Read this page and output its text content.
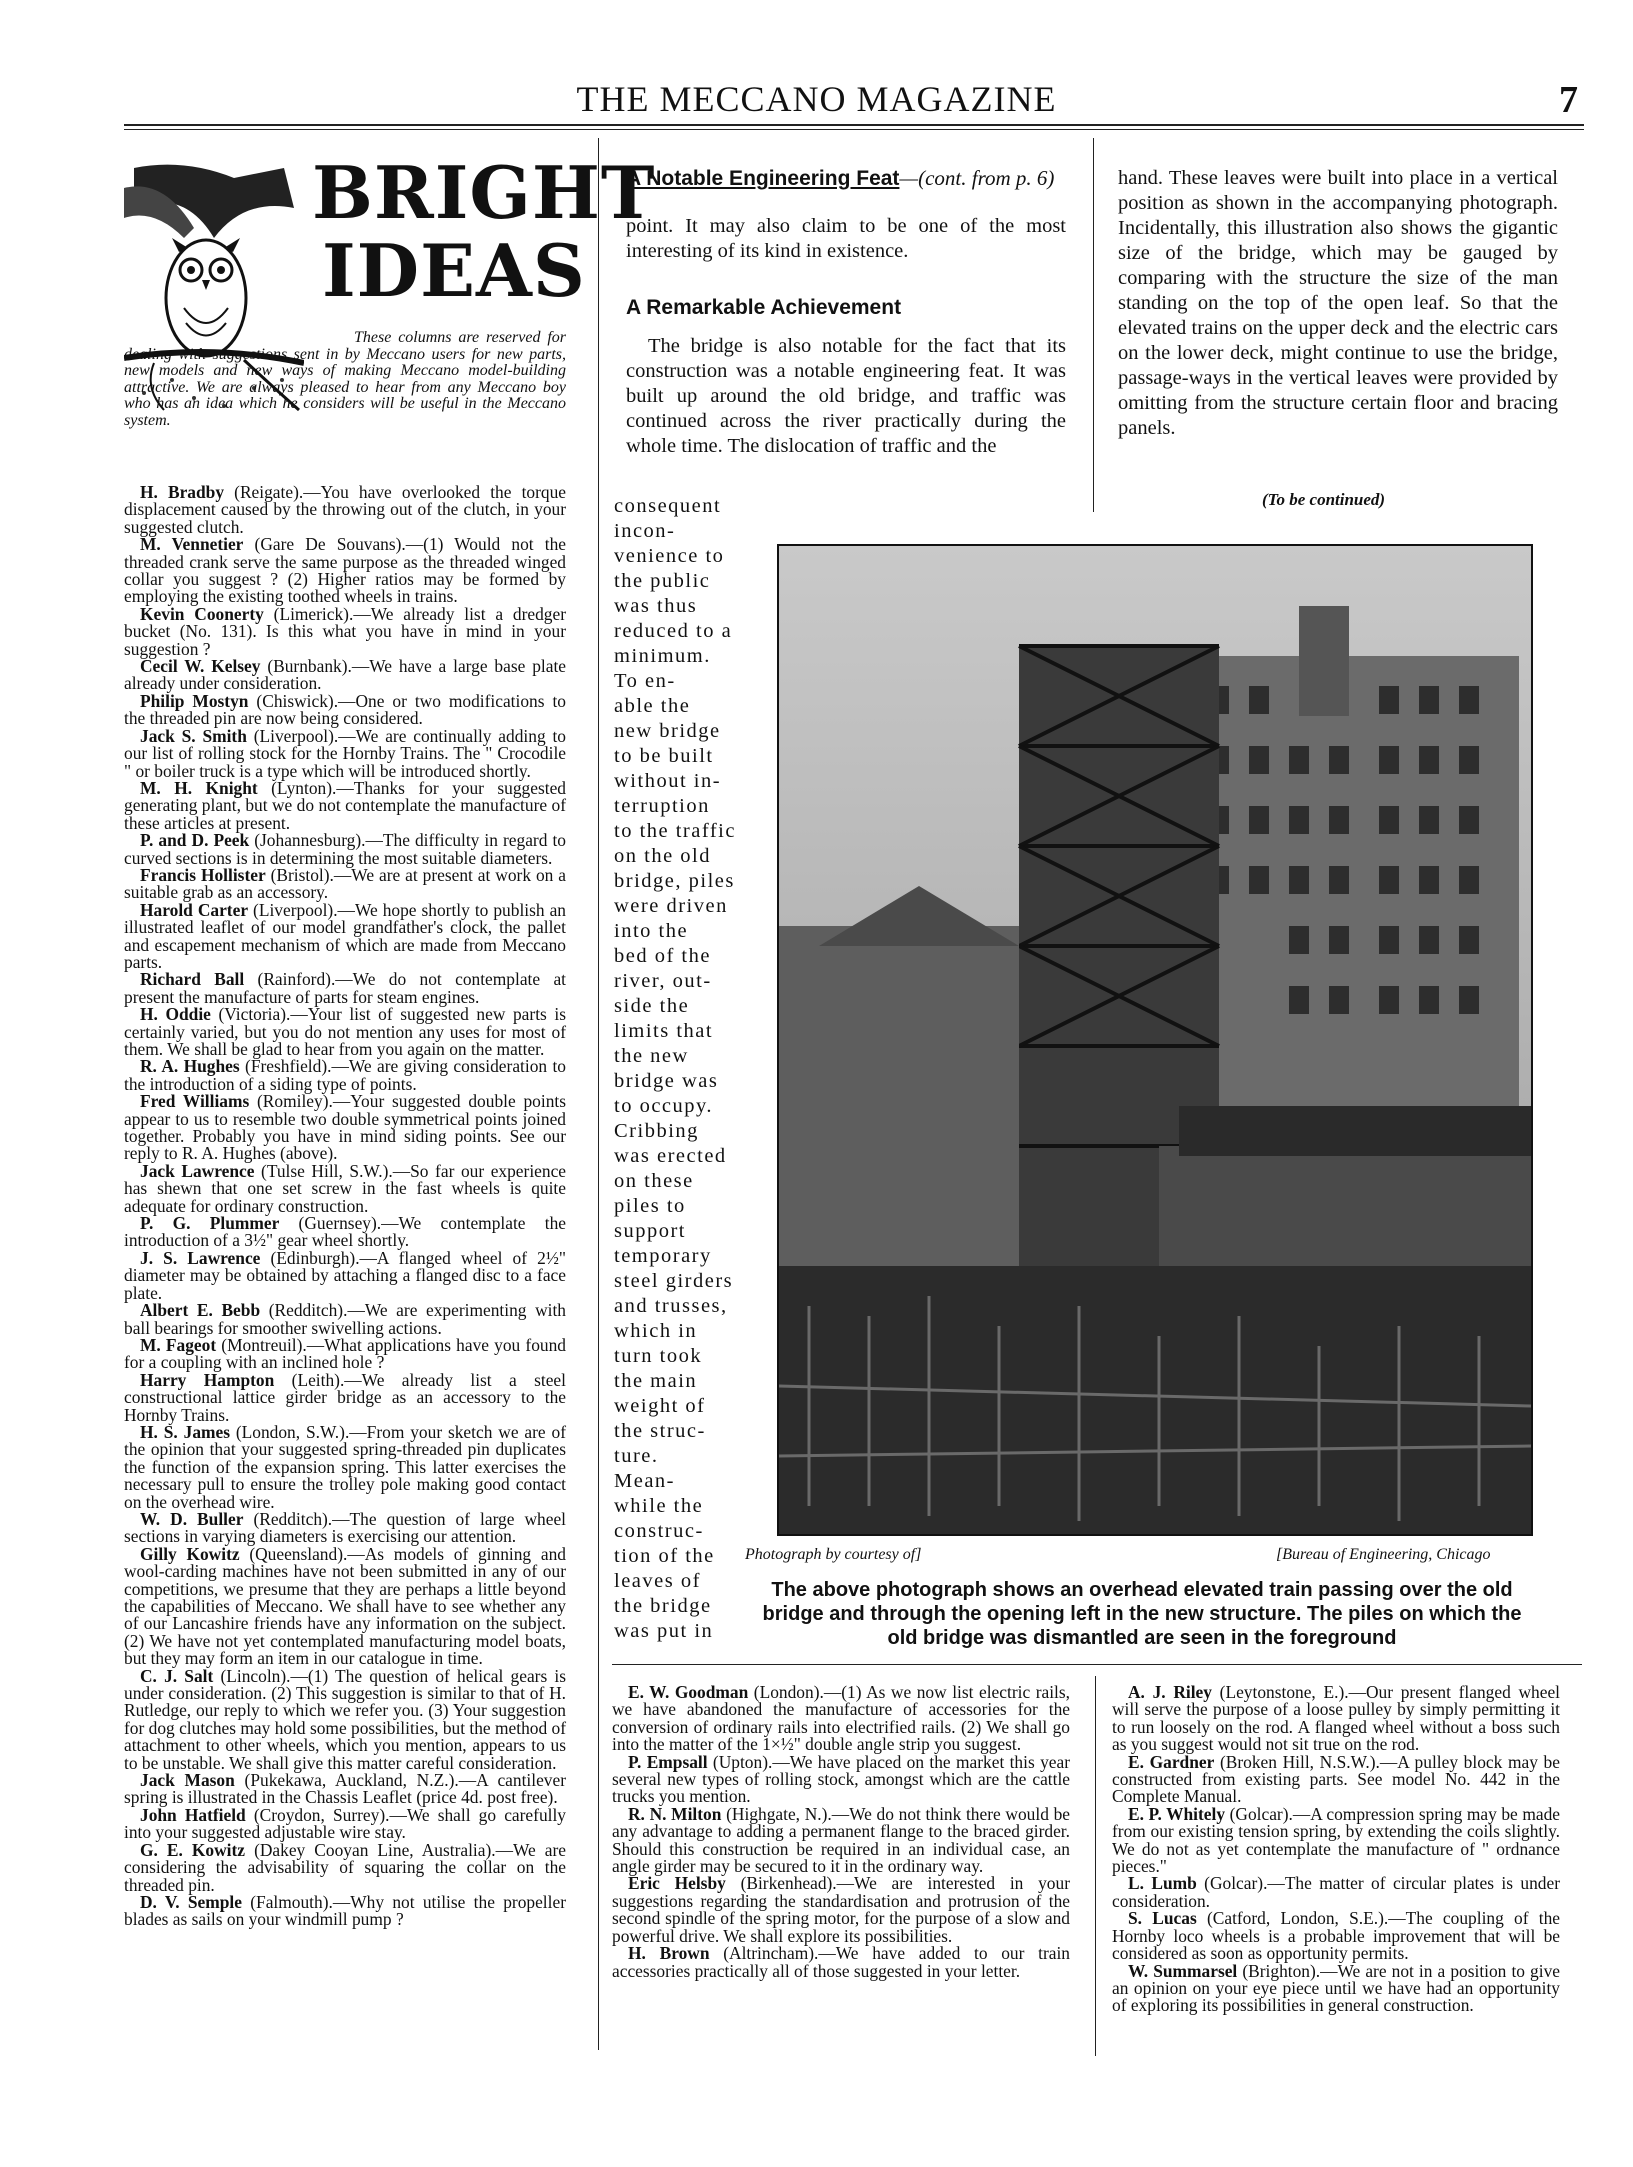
THE MECCANO MAGAZINE	7
BRIGHT
IDEAS
These columns are reserved for dealing with suggestions sent in by Meccano users for new parts, new models and new ways of making Meccano model-building attractive. We are always pleased to hear from any Meccano boy who has an idea which he considers will be useful in the Meccano system.

H. Bradby (Reigate).—You have overlooked the torque displacement caused by the throwing out of the clutch, in your suggested clutch.

M. Vennetier (Gare De Souvans).—(1) Would not the threaded crank serve the same purpose as the threaded winged collar you suggest ? (2) Higher ratios may be formed by employing the existing toothed wheels in trains.

Kevin Coonerty (Limerick).—We already list a dredger bucket (No. 131). Is this what you have in mind in your suggestion ?

Cecil W. Kelsey (Burnbank).—We have a large base plate already under consideration.

Philip Mostyn (Chiswick).—One or two modifications to the threaded pin are now being considered.

Jack S. Smith (Liverpool).—We are continually adding to our list of rolling stock for the Hornby Trains. The " Crocodile " or boiler truck is a type which will be introduced shortly.

M. H. Knight (Lynton).—Thanks for your suggested generating plant, but we do not contemplate the manufacture of these articles at present.

P. and D. Peek (Johannesburg).—The difficulty in regard to curved sections is in determining the most suitable diameters.

Francis Hollister (Bristol).—We are at present at work on a suitable grab as an accessory.

Harold Carter (Liverpool).—We hope shortly to publish an illustrated leaflet of our model grandfather's clock, the pallet and escapement mechanism of which are made from Meccano parts.

Richard Ball (Rainford).—We do not contemplate at present the manufacture of parts for steam engines.

H. Oddie (Victoria).—Your list of suggested new parts is certainly varied, but you do not mention any uses for most of them. We shall be glad to hear from you again on the matter.

R. A. Hughes (Freshfield).—We are giving consideration to the introduction of a siding type of points.

Fred Williams (Romiley).—Your suggested double points appear to us to resemble two double symmetrical points joined together. Probably you have in mind siding points. See our reply to R. A. Hughes (above).

Jack Lawrence (Tulse Hill, S.W.).—So far our experience has shewn that one set screw in the fast wheels is quite adequate for ordinary construction.

P. G. Plummer (Guernsey).—We contemplate the introduction of a 3½" gear wheel shortly.

J. S. Lawrence (Edinburgh).—A flanged wheel of 2½" diameter may be obtained by attaching a flanged disc to a face plate.

Albert E. Bebb (Redditch).—We are experimenting with ball bearings for smoother swivelling actions.

M. Fageot (Montreuil).—What applications have you found for a coupling with an inclined hole ?

Harry Hampton (Leith).—We already list a steel constructional lattice girder bridge as an accessory to the Hornby Trains.

H. S. James (London, S.W.).—From your sketch we are of the opinion that your suggested spring-threaded pin duplicates the function of the expansion spring. This latter exercises the necessary pull to ensure the trolley pole making good contact on the overhead wire.

W. D. Buller (Redditch).—The question of large wheel sections in varying diameters is exercising our attention.

Gilly Kowitz (Queensland).—As models of ginning and wool-carding machines have not been submitted in any of our competitions, we presume that they are perhaps a little beyond the capabilities of Meccano. We shall have to see whether any of our Lancashire friends have any information on the subject. (2) We have not yet contemplated manufacturing model boats, but they may form an item in our catalogue in time.

C. J. Salt (Lincoln).—(1) The question of helical gears is under consideration. (2) This suggestion is similar to that of H. Rutledge, our reply to which we refer you. (3) Your suggestion for dog clutches may hold some possibilities, but the method of attachment to other wheels, which you mention, appears to us to be unstable. We shall give this matter careful consideration.

Jack Mason (Pukekawa, Auckland, N.Z.).—A cantilever spring is illustrated in the Chassis Leaflet (price 4d. post free).

John Hatfield (Croydon, Surrey).—We shall go carefully into your suggested adjustable wire stay.

G. E. Kowitz (Dakey Cooyan Line, Australia).—We are considering the advisability of squaring the collar on the threaded pin.

D. V. Semple (Falmouth).—Why not utilise the propeller blades as sails on your windmill pump ?

A Notable Engineering Feat—(cont. from p. 6)

point. It may also claim to be one of the most interesting of its kind in existence.

A Remarkable Achievement

The bridge is also notable for the fact that its construction was a notable engineering feat. It was built up around the old bridge, and traffic was continued across the river practically during the whole time. The dislocation of traffic and the

consequent

incon-

venience to

the public

was thus

reduced to a

minimum.

To en-

able the

new bridge

to be built

without in-

terruption

to the traffic

on the old

bridge, piles

were driven

into the

bed of the

river, out-

side the

limits that

the new

bridge was

to occupy.

Cribbing

was erected

on these

piles to

support

temporary

steel girders

and trusses,

which in

turn took

the main

weight of

the struc-

ture.

Mean-

while the

construc-

tion of the

leaves of

the bridge

was put in

hand. These leaves were built into place in a vertical position as shown in the accompanying photograph. Incidentally, this illustration also shows the gigantic size of the bridge, which may be gauged by comparing with the structure the size of the man standing on the top of the open leaf. So that the elevated trains on the upper deck and the electric cars on the lower deck, might continue to use the bridge, passage-ways in the vertical leaves were provided by omitting from the structure certain floor and bracing panels.

(To be continued)
Photograph by courtesy of]	[Bureau of Engineering, Chicago
The above photograph shows an overhead elevated train passing over the old bridge and through the opening left in the new structure. The piles on which the old bridge was dismantled are seen in the foreground

E. W. Goodman (London).—(1) As we now list electric rails, we have abandoned the manufacture of accessories for the conversion of ordinary rails into electrified rails. (2) We shall go into the matter of the 1×½" double angle strip you suggest.

P. Empsall (Upton).—We have placed on the market this year several new types of rolling stock, amongst which are the cattle trucks you mention.

R. N. Milton (Highgate, N.).—We do not think there would be any advantage to adding a permanent flange to the braced girder. Should this construction be required in an individual case, an angle girder may be secured to it in the ordinary way.

Eric Helsby (Birkenhead).—We are interested in your suggestions regarding the standardisation and protrusion of the second spindle of the spring motor, for the purpose of a slow and powerful drive. We shall explore its possibilities.

H. Brown (Altrincham).—We have added to our train accessories practically all of those suggested in your letter.

A. J. Riley (Leytonstone, E.).—Our present flanged wheel will serve the purpose of a loose pulley by simply permitting it to run loosely on the rod. A flanged wheel without a boss such as you suggest would not sit true on the rod.

E. Gardner (Broken Hill, N.S.W.).—A pulley block may be constructed from existing parts. See model No. 442 in the Complete Manual.

E. P. Whitely (Golcar).—A compression spring may be made from our existing tension spring, by extending the coils slightly. We do not as yet contemplate the manufacture of " ordnance pieces."

L. Lumb (Golcar).—The matter of circular plates is under consideration.

S. Lucas (Catford, London, S.E.).—The coupling of the Hornby loco wheels is a probable improvement that will be considered as soon as opportunity permits.

W. Summarsel (Brighton).—We are not in a position to give an opinion on your eye piece until we have had an opportunity of exploring its possibilities in general construction.
